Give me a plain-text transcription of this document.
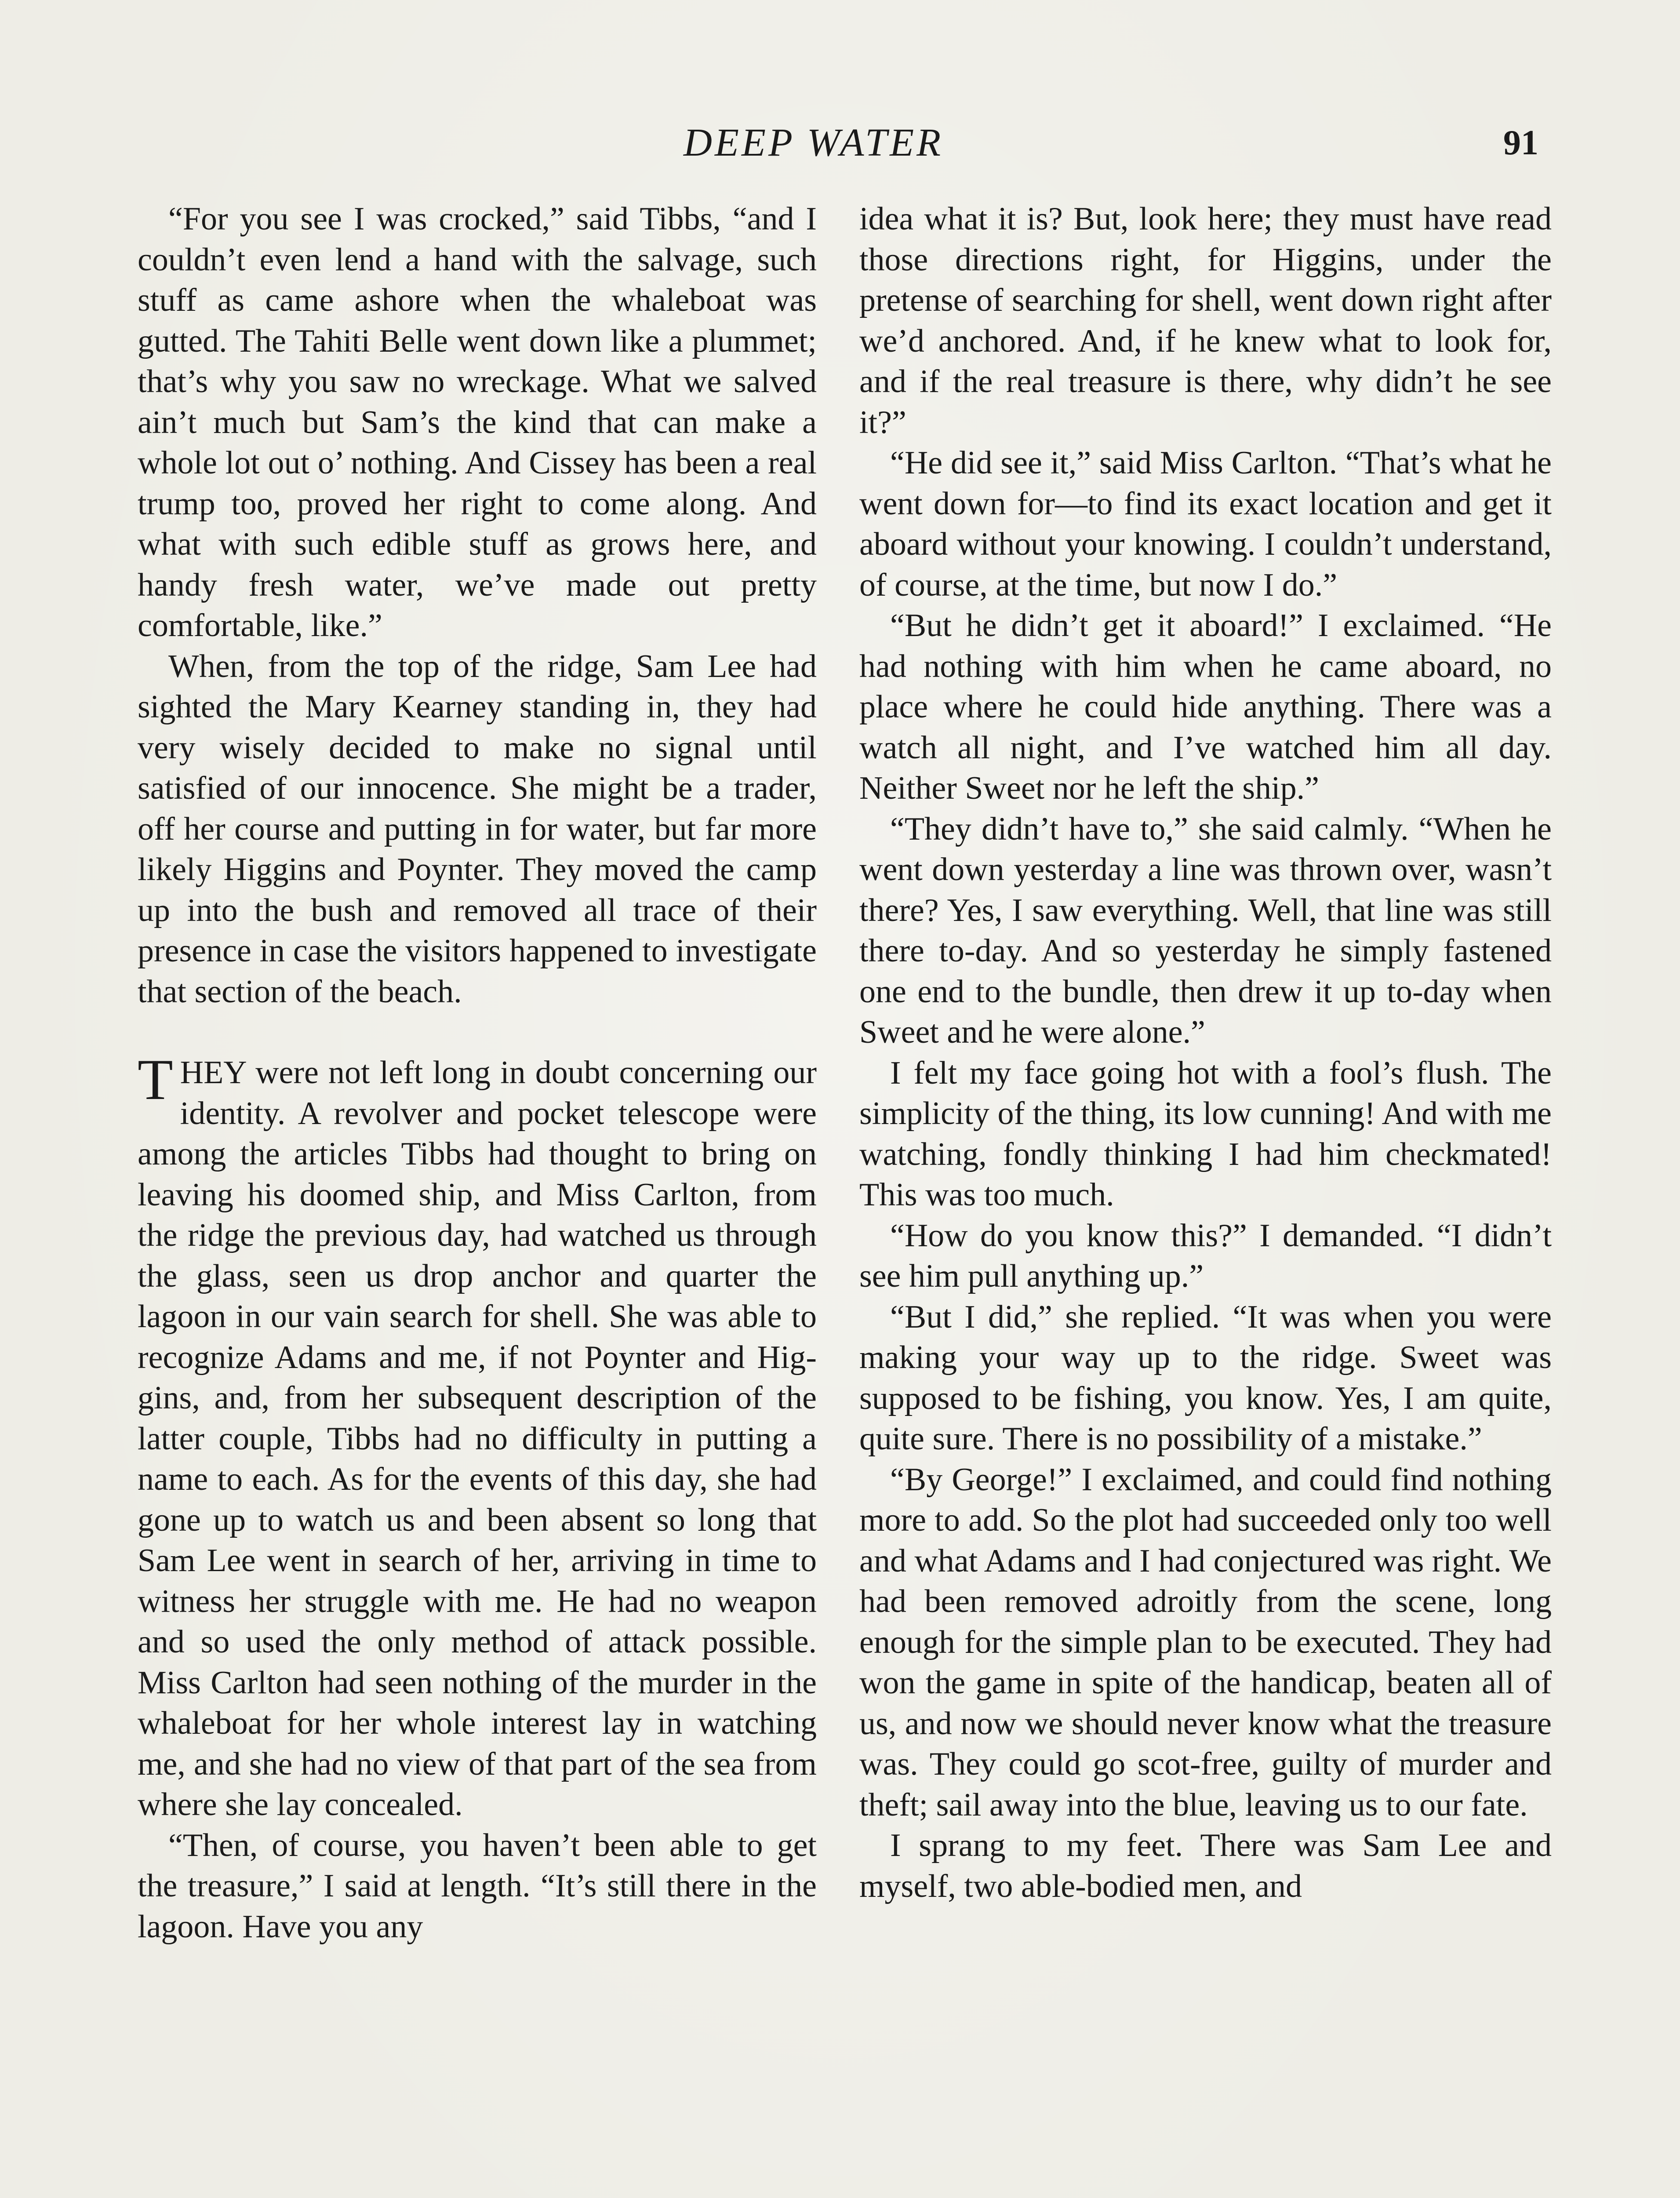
DEEP WATER	91

“For you see I was crocked,” said Tibbs, “and I couldn’t even lend a hand with the salvage, such stuff as came ashore when the whaleboat was gutted. The Tahiti Belle went down like a plummet; that’s why you saw no wreckage. What we salved ain’t much but Sam’s the kind that can make a whole lot out o’ nothing. And Cissey has been a real trump too, proved her right to come along. And what with such edible stuff as grows here, and handy fresh water, we’ve made out pretty comfortable, like.”

When, from the top of the ridge, Sam Lee had sighted the Mary Kearney standing in, they had very wisely decided to make no signal until satisfied of our innocence. She might be a trader, off her course and putting in for water, but far more likely Higgins and Poynter. They moved the camp up into the bush and removed all trace of their presence in case the visitors happened to investigate that section of the beach.

THEY were not left long in doubt concerning our identity. A revolver and pocket telescope were among the articles Tibbs had thought to bring on leaving his doomed ship, and Miss Carlton, from the ridge the previous day, had watched us through the glass, seen us drop anchor and quarter the lagoon in our vain search for shell. She was able to recognize Adams and me, if not Poynter and Higgins, and, from her subsequent description of the latter couple, Tibbs had no difficulty in putting a name to each. As for the events of this day, she had gone up to watch us and been absent so long that Sam Lee went in search of her, arriving in time to witness her struggle with me. He had no weapon and so used the only method of attack possible. Miss Carlton had seen nothing of the murder in the whaleboat for her whole interest lay in watching me, and she had no view of that part of the sea from where she lay concealed.

“Then, of course, you haven’t been able to get the treasure,” I said at length. “It’s still there in the lagoon. Have you any

idea what it is? But, look here; they must have read those directions right, for Higgins, under the pretense of searching for shell, went down right after we’d anchored. And, if he knew what to look for, and if the real treasure is there, why didn’t he see it?”

“He did see it,” said Miss Carlton. “That’s what he went down for—to find its exact location and get it aboard without your knowing. I couldn’t understand, of course, at the time, but now I do.”

“But he didn’t get it aboard!” I exclaimed. “He had nothing with him when he came aboard, no place where he could hide anything. There was a watch all night, and I’ve watched him all day. Neither Sweet nor he left the ship.”

“They didn’t have to,” she said calmly. “When he went down yesterday a line was thrown over, wasn’t there? Yes, I saw everything. Well, that line was still there to-day. And so yesterday he simply fastened one end to the bundle, then drew it up to-day when Sweet and he were alone.”

I felt my face going hot with a fool’s flush. The simplicity of the thing, its low cunning! And with me watching, fondly thinking I had him checkmated! This was too much.

“How do you know this?” I demanded. “I didn’t see him pull anything up.”

“But I did,” she replied. “It was when you were making your way up to the ridge. Sweet was supposed to be fishing, you know. Yes, I am quite, quite sure. There is no possibility of a mistake.”

“By George!” I exclaimed, and could find nothing more to add. So the plot had succeeded only too well and what Adams and I had conjectured was right. We had been removed adroitly from the scene, long enough for the simple plan to be executed. They had won the game in spite of the handicap, beaten all of us, and now we should never know what the treasure was. They could go scot-free, guilty of murder and theft; sail away into the blue, leaving us to our fate.

I sprang to my feet. There was Sam Lee and myself, two able-bodied men, and
